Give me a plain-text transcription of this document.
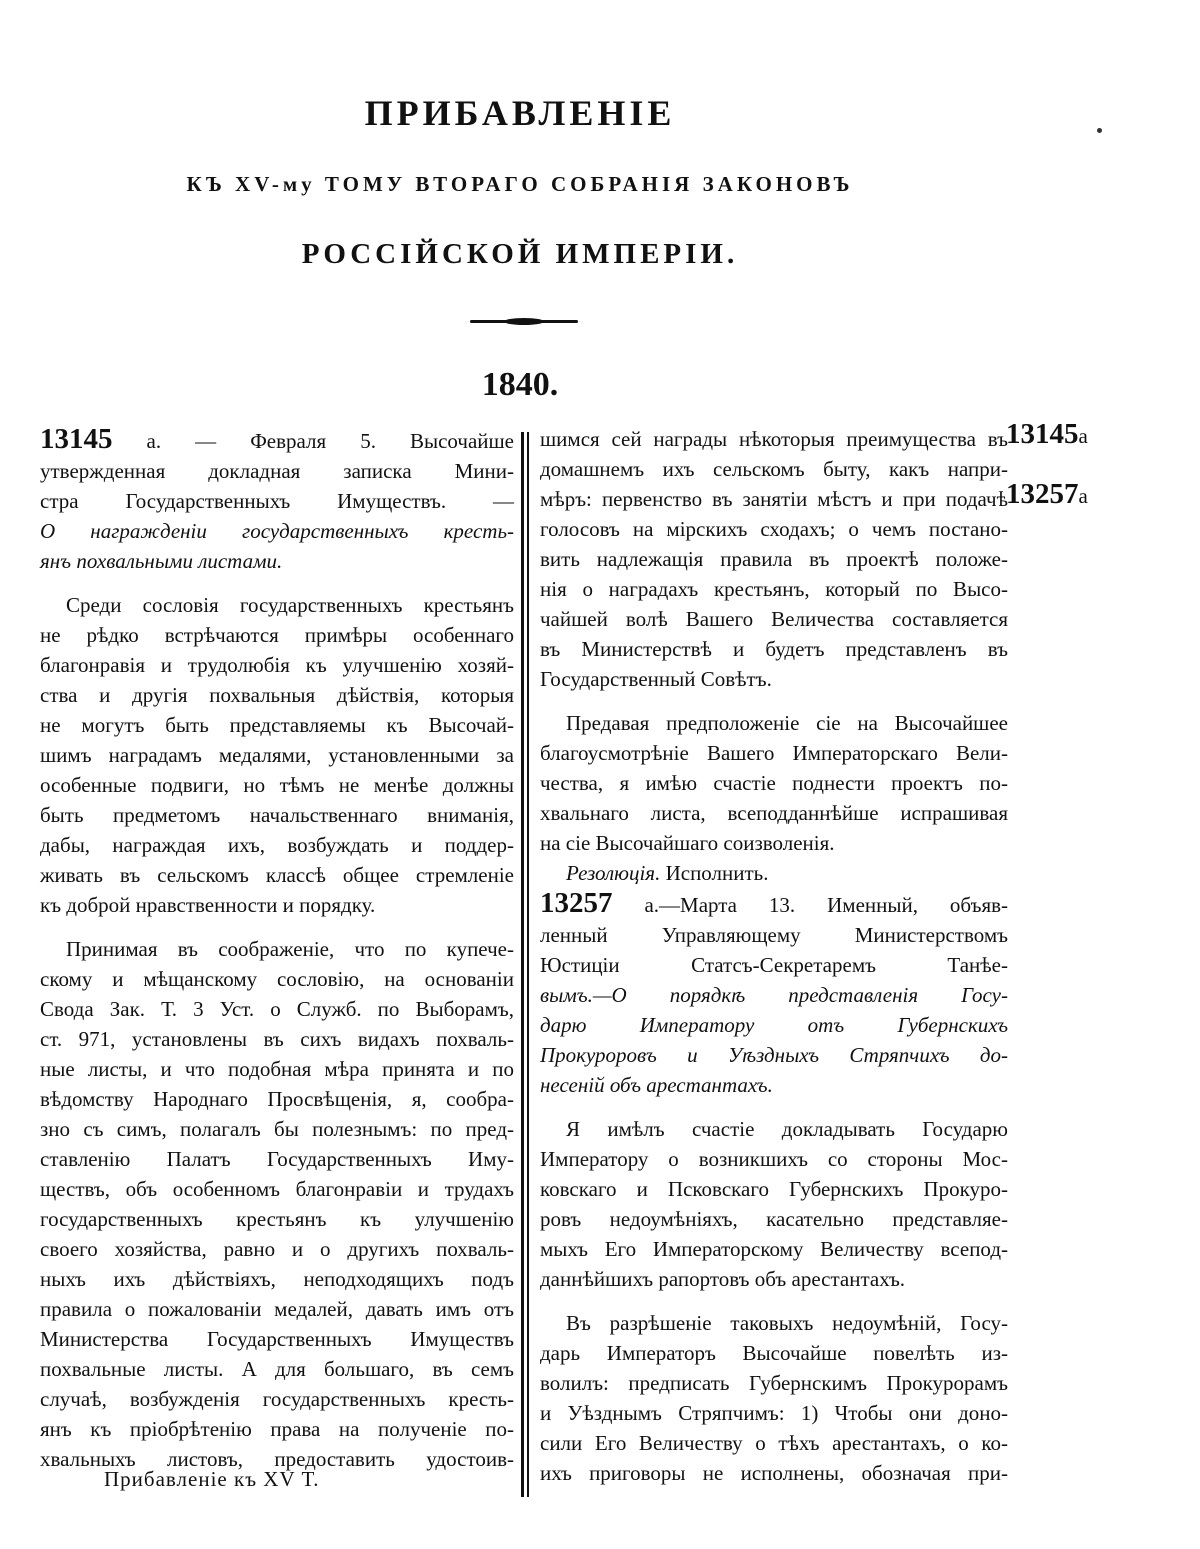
ПРИБАВЛЕНІЕ
КЪ XV-му ТОМУ ВТОРАГО СОБРАНІЯ ЗАКОНОВЪ
РОССІЙСКОЙ ИМПЕРІИ.
1840.
13145а
13257а
13145 а. — Февраля 5. Высочайше
утвержденная докладная записка Мини-
стра Государственныхъ Имуществъ. —
О награжденіи государственныхъ кресть-
янъ похвальными листами.
Среди сословія государственныхъ крестьянъ
не рѣдко встрѣчаются примѣры особеннаго
благонравія и трудолюбія къ улучшенію хозяй-
ства и другія похвальныя дѣйствія, которыя
не могутъ быть представляемы къ Высочай-
шимъ наградамъ медалями, установленными за
особенные подвиги, но тѣмъ не менѣе должны
быть предметомъ начальственнаго вниманія,
дабы, награждая ихъ, возбуждать и поддер-
живать въ сельскомъ классѣ общее стремленіе
къ доброй нравственности и порядку.
Принимая въ соображеніе, что по купече-
скому и мѣщанскому сословію, на основаніи
Свода Зак. Т. 3 Уст. о Служб. по Выборамъ,
ст. 971, установлены въ сихъ видахъ похваль-
ные листы, и что подобная мѣра принята и по
вѣдомству Народнаго Просвѣщенія, я, сообра-
зно съ симъ, полагалъ бы полезнымъ: по пред-
ставленію Палатъ Государственныхъ Иму-
ществъ, объ особенномъ благонравіи и трудахъ
государственныхъ крестьянъ къ улучшенію
своего хозяйства, равно и о другихъ похваль-
ныхъ ихъ дѣйствіяхъ, неподходящихъ подъ
правила о пожалованіи медалей, давать имъ отъ
Министерства Государственныхъ Имуществъ
похвальные листы. А для большаго, въ семъ
случаѣ, возбужденія государственныхъ кресть-
янъ къ пріобрѣтенію права на полученіе по-
хвальныхъ листовъ, предоставить удостоив-
шимся сей награды нѣкоторыя преимущества въ
домашнемъ ихъ сельскомъ быту, какъ напри-
мѣръ: первенство въ занятіи мѣстъ и при подачѣ
голосовъ на мірскихъ сходахъ; о чемъ постано-
вить надлежащія правила въ проектѣ положе-
нія о наградахъ крестьянъ, который по Высо-
чайшей волѣ Вашего Величества составляется
въ Министерствѣ и будетъ представленъ въ
Государственный Совѣтъ.
Предавая предположеніе сіе на Высочайшее
благоусмотрѣніе Вашего Императорскаго Вели-
чества, я имѣю счастіе поднести проектъ по-
хвальнаго листа, всеподданнѣйше испрашивая
на сіе Высочайшаго соизволенія.
Резолюція. Исполнить.
13257 а.—Марта 13. Именный, объяв-
ленный Управляющему Министерствомъ
Юстиціи Статсъ-Секретаремъ Танѣе-
вымъ.—О порядкѣ представленія Госу-
дарю Императору отъ Губернскихъ
Прокуроровъ и Уѣздныхъ Стряпчихъ до-
несеній объ арестантахъ.
Я имѣлъ счастіе докладывать Государю
Императору о возникшихъ со стороны Мос-
ковскаго и Псковскаго Губернскихъ Прокуро-
ровъ недоумѣніяхъ, касательно представляе-
мыхъ Его Императорскому Величеству всепод-
даннѣйшихъ рапортовъ объ арестантахъ.
Въ разрѣшеніе таковыхъ недоумѣній, Госу-
дарь Императоръ Высочайше повелѣть из-
волилъ: предписать Губернскимъ Прокурорамъ
и Уѣзднымъ Стряпчимъ: 1) Чтобы они доно-
сили Его Величеству о тѣхъ арестантахъ, о ко-
ихъ приговоры не исполнены, обозначая при-
Прибавленіе къ XV Т.
